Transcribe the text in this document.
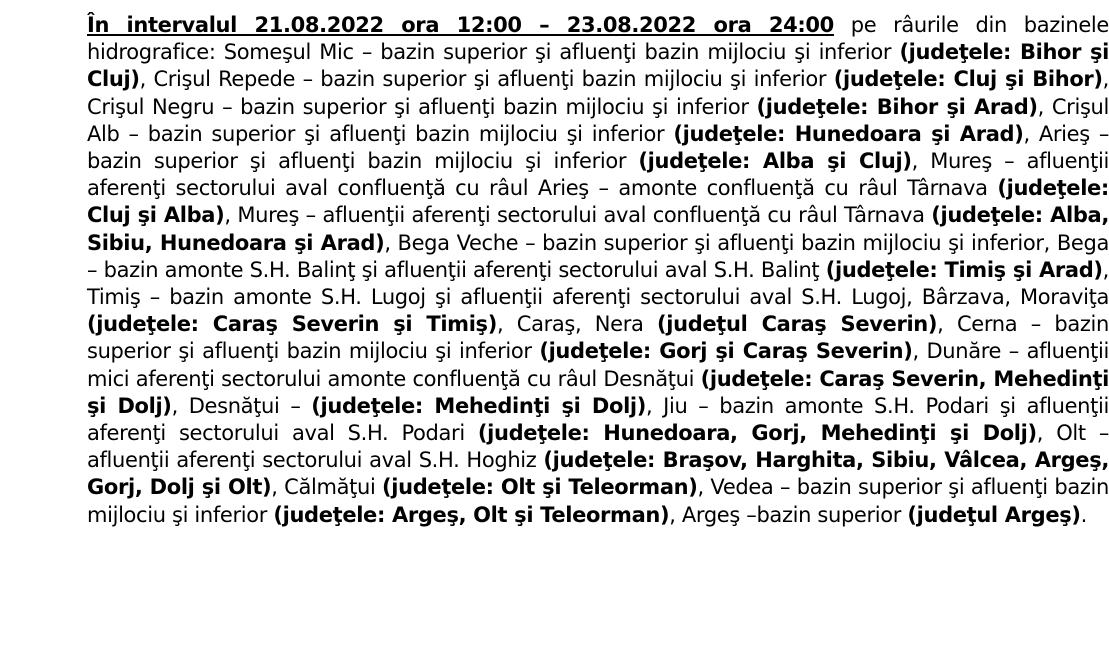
În intervalul 21.08.2022 ora 12:00 – 23.08.2022 ora 24:00 pe râurile din bazinele hidrografice: Someşul Mic – bazin superior şi afluenţi bazin mijlociu şi inferior (judeţele: Bihor şi Cluj), Crişul Repede – bazin superior şi afluenţi bazin mijlociu şi inferior (judeţele: Cluj şi Bihor), Crişul Negru – bazin superior şi afluenţi bazin mijlociu şi inferior (judeţele: Bihor şi Arad), Crişul Alb – bazin superior şi afluenţi bazin mijlociu şi inferior (judeţele: Hunedoara şi Arad), Arieş – bazin superior şi afluenţi bazin mijlociu şi inferior (judeţele: Alba şi Cluj), Mureş – afluenţii aferenţi sectorului aval confluenţă cu râul Arieş – amonte confluenţă cu râul Târnava (judeţele: Cluj şi Alba), Mureş – afluenţii aferenţi sectorului aval confluenţă cu râul Târnava (judeţele: Alba, Sibiu, Hunedoara şi Arad), Bega Veche – bazin superior şi afluenţi bazin mijlociu şi inferior, Bega – bazin amonte S.H. Balinţ şi afluenţii aferenţi sectorului aval S.H. Balinţ (judeţele: Timiş şi Arad), Timiş – bazin amonte S.H. Lugoj şi afluenţii aferenţi sectorului aval S.H. Lugoj, Bârzava, Moraviţa (judeţele: Caraş Severin şi Timiş), Caraş, Nera (judeţul Caraş Severin), Cerna – bazin superior şi afluenţi bazin mijlociu şi inferior (judeţele: Gorj şi Caraş Severin), Dunăre – afluenţii mici aferenţi sectorului amonte confluenţă cu râul Desnăţui (judeţele: Caraş Severin, Mehedinţi şi Dolj), Desnăţui – (judeţele: Mehedinţi şi Dolj), Jiu – bazin amonte S.H. Podari şi afluenţii aferenţi sectorului aval S.H. Podari (judeţele: Hunedoara, Gorj, Mehedinţi şi Dolj), Olt – afluenţii aferenţi sectorului aval S.H. Hoghiz (judeţele: Braşov, Harghita, Sibiu, Vâlcea, Argeş, Gorj, Dolj şi Olt), Călmăţui (judeţele: Olt şi Teleorman), Vedea – bazin superior şi afluenţi bazin mijlociu şi inferior (judeţele: Argeş, Olt şi Teleorman), Argeş –bazin superior (judeţul Argeş).
